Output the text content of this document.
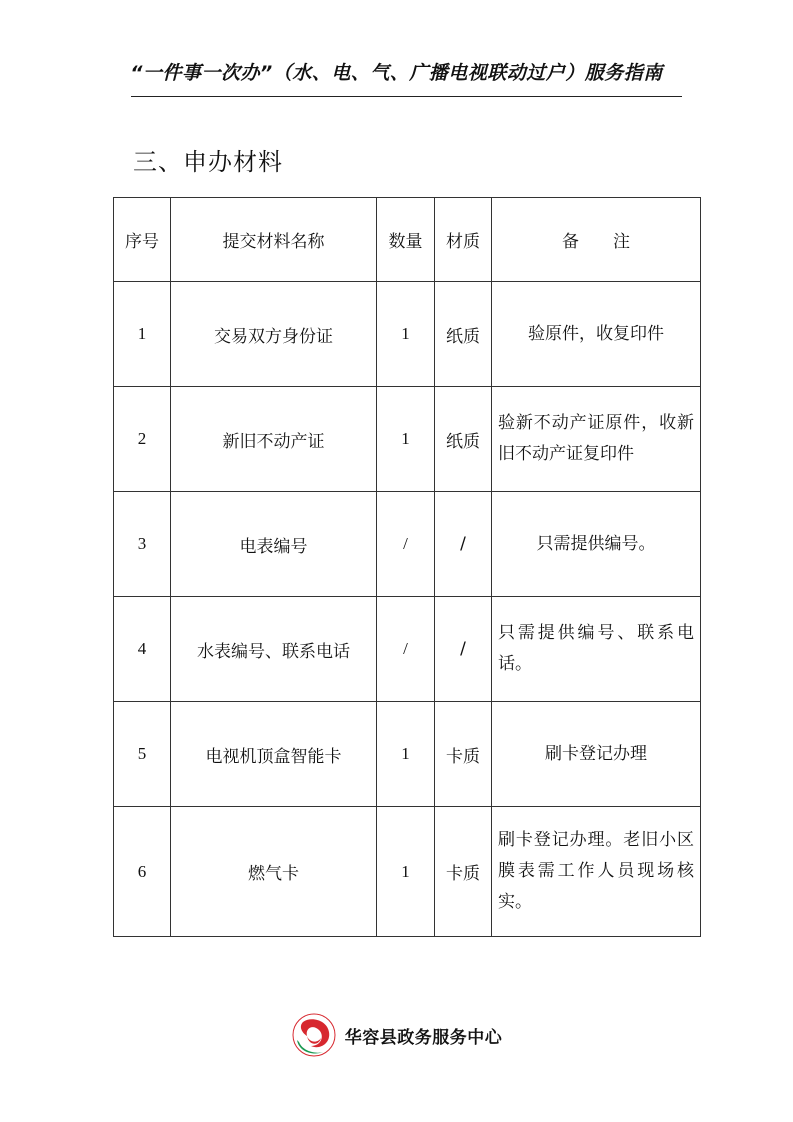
“一件事一次办”（水、电、气、广播电视联动过户）服务指南
三、申办材料
序号	提交材料名称	数量	材质	备　　注
1	交易双方身份证	1	纸质	验原件，收复印件
2	新旧不动产证	1	纸质	验新不动产证原件，收新旧不动产证复印件
3	电表编号	/	/	只需提供编号。
4	水表编号、联系电话	/	/	只需提供编号、联系电话。
5	电视机顶盒智能卡	1	卡质	刷卡登记办理
6	燃气卡	1	卡质	刷卡登记办理。老旧小区膜表需工作人员现场核实。
华容县政务服务中心
